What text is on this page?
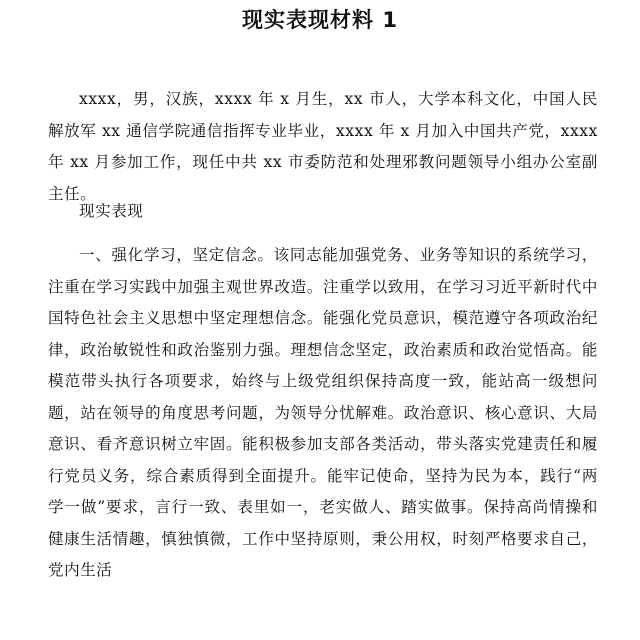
现实表现材料 1

xxxx，男，汉族，xxxx 年 x 月生，xx 市人，大学本科文化，中国人民解放军 xx 通信学院通信指挥专业毕业，xxxx 年 x 月加入中国共产党，xxxx 年 xx 月参加工作，现任中共 xx 市委防范和处理邪教问题领导小组办公室副主任。

现实表现

一、强化学习，坚定信念。该同志能加强党务、业务等知识的系统学习，注重在学习实践中加强主观世界改造。注重学以致用，在学习习近平新时代中国特色社会主义思想中坚定理想信念。能强化党员意识，模范遵守各项政治纪律，政治敏锐性和政治鉴别力强。理想信念坚定，政治素质和政治觉悟高。能模范带头执行各项要求，始终与上级党组织保持高度一致，能站高一级想问题，站在领导的角度思考问题，为领导分忧解难。政治意识、核心意识、大局意识、看齐意识树立牢固。能积极参加支部各类活动，带头落实党建责任和履行党员义务，综合素质得到全面提升。能牢记使命，坚持为民为本，践行“两学一做”要求，言行一致、表里如一，老实做人、踏实做事。保持高尚情操和健康生活情趣，慎独慎微，工作中坚持原则，秉公用权，时刻严格要求自己，党内生活
